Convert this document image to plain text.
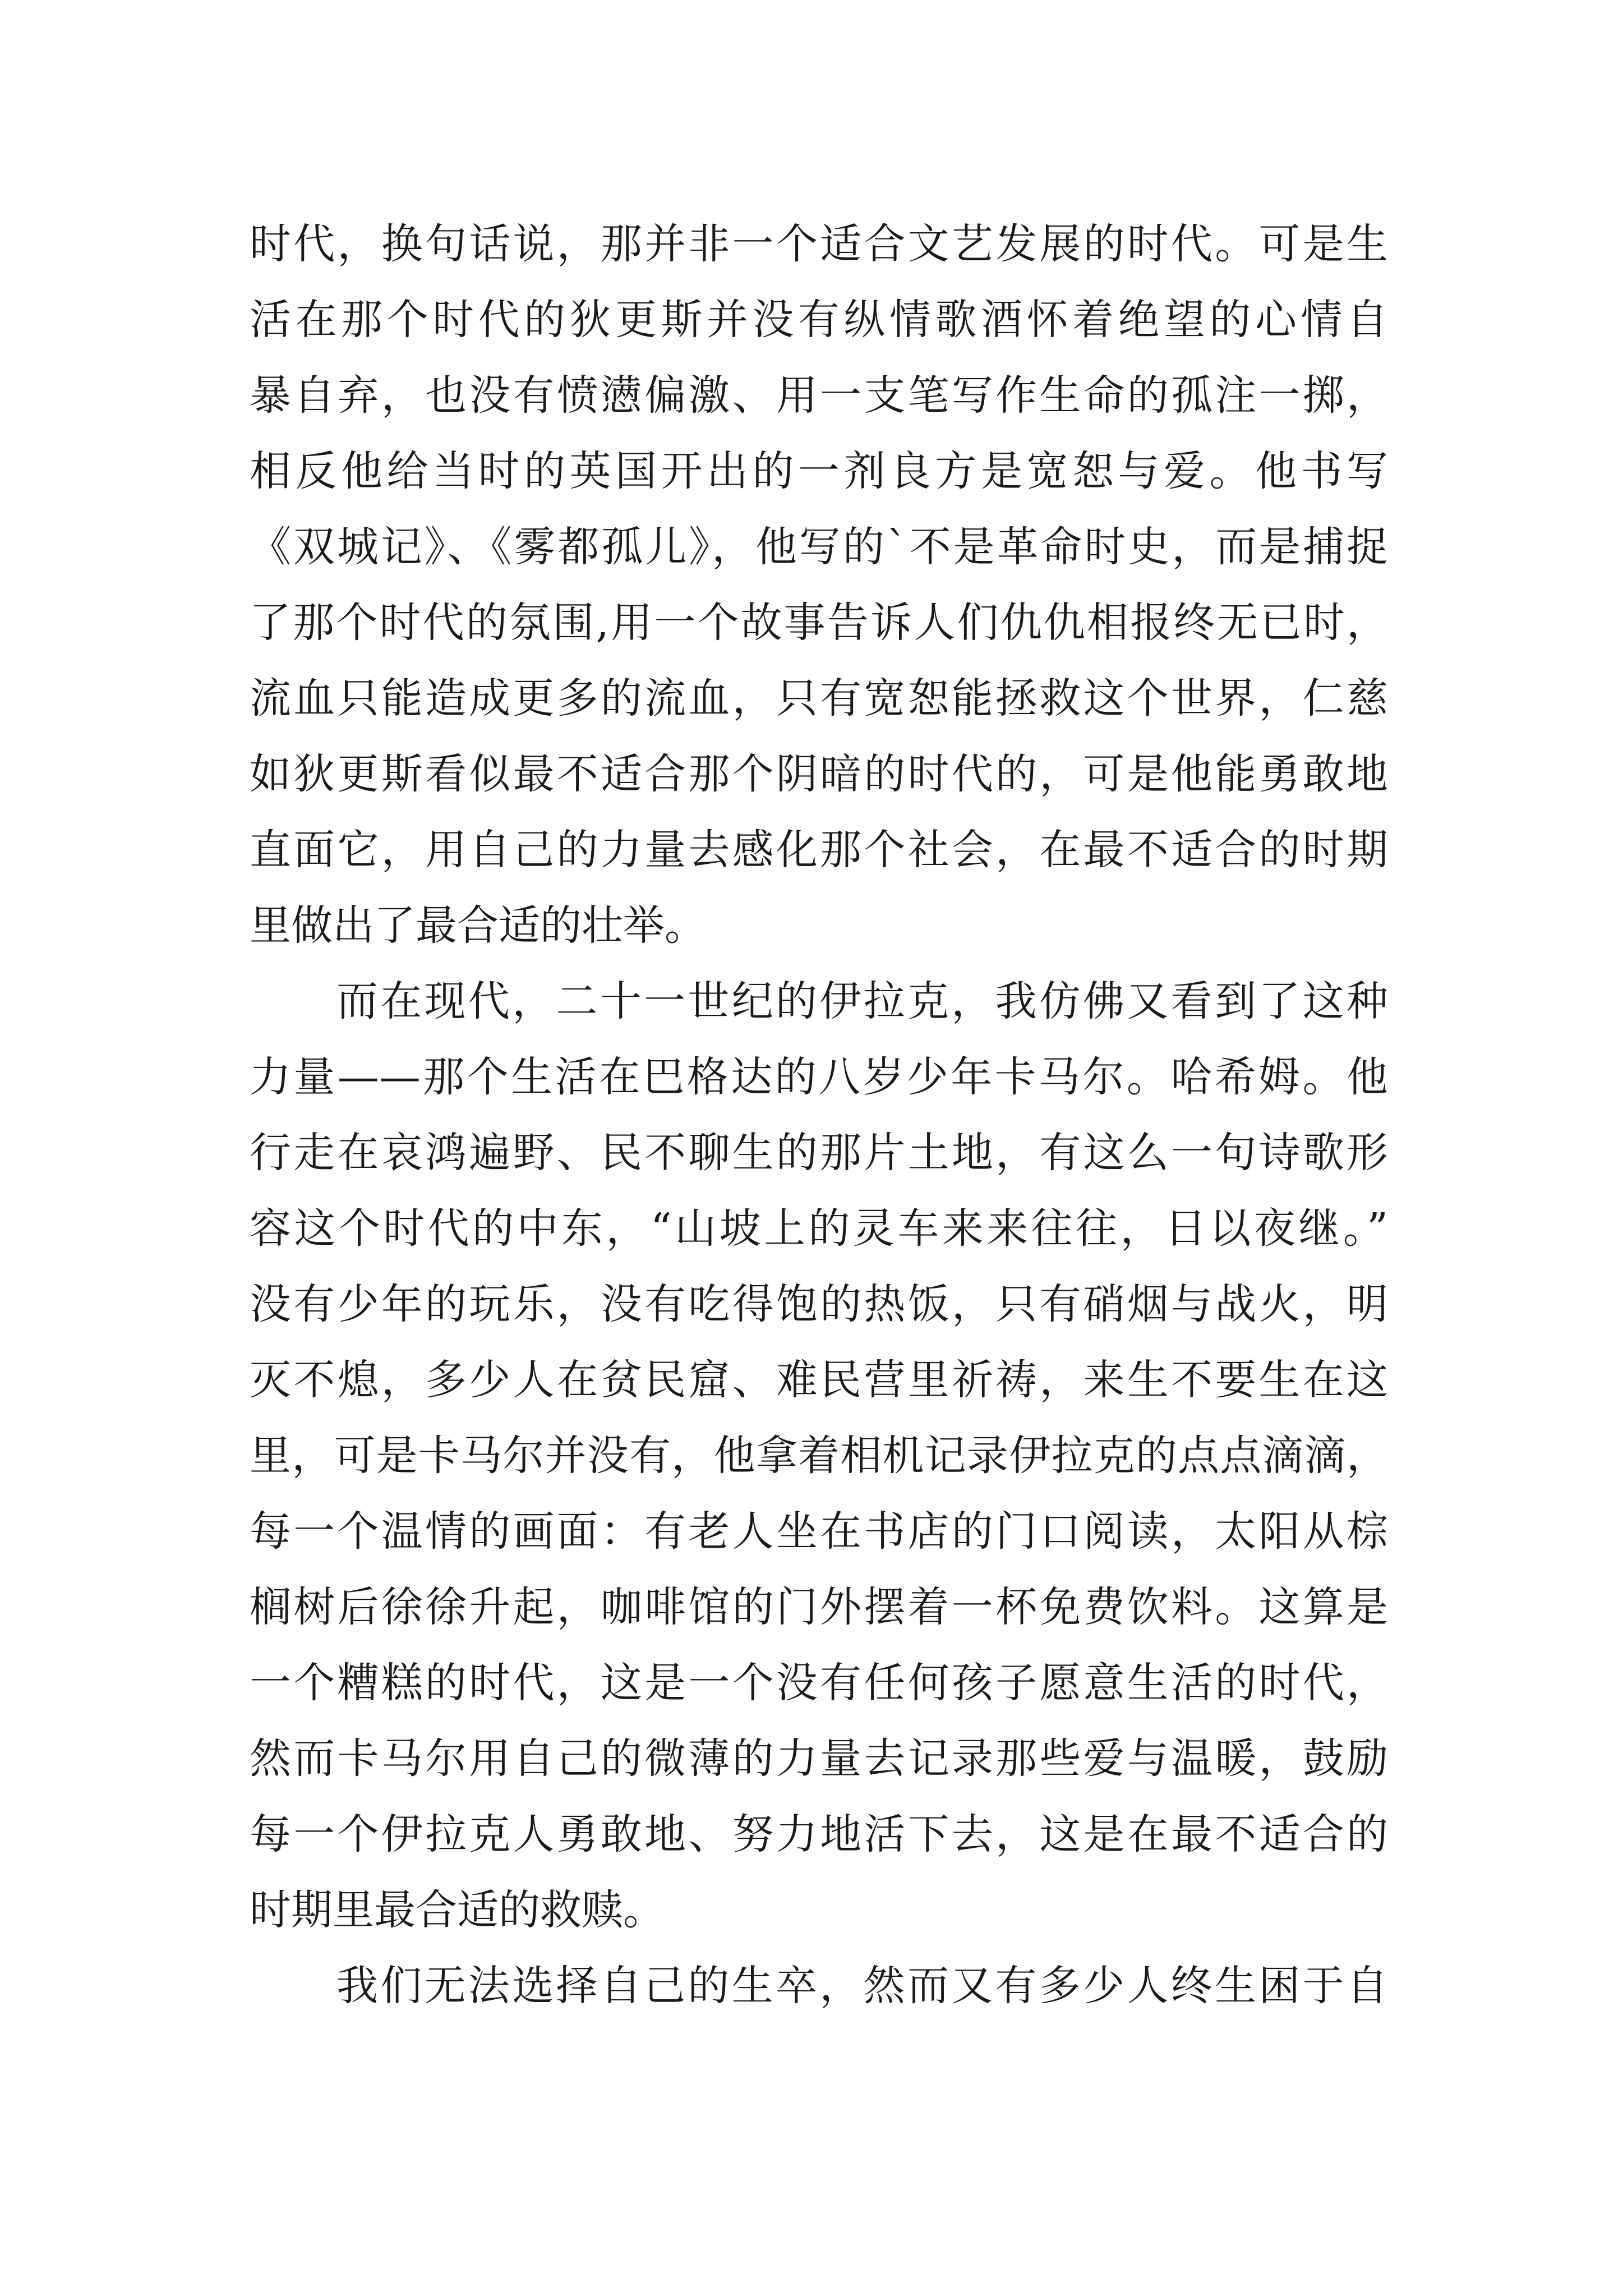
时代，换句话说，那并非一个适合文艺发展的时代。可是生
活在那个时代的狄更斯并没有纵情歌酒怀着绝望的心情自
暴自弃，也没有愤懑偏激、用一支笔写作生命的孤注一掷，
相反他给当时的英国开出的一剂良方是宽恕与爱。他书写
《双城记》、《雾都孤儿》，他写的`不是革命时史，而是捕捉
了那个时代的氛围,用一个故事告诉人们仇仇相报终无已时，
流血只能造成更多的流血，只有宽恕能拯救这个世界，仁慈
如狄更斯看似最不适合那个阴暗的时代的，可是他能勇敢地
直面它，用自己的力量去感化那个社会，在最不适合的时期
里做出了最合适的壮举。
而在现代，二十一世纪的伊拉克，我仿佛又看到了这种
力量——那个生活在巴格达的八岁少年卡马尔。哈希姆。他
行走在哀鸿遍野、民不聊生的那片土地，有这么一句诗歌形
容这个时代的中东，“山坡上的灵车来来往往，日以夜继。”
没有少年的玩乐，没有吃得饱的热饭，只有硝烟与战火，明
灭不熄，多少人在贫民窟、难民营里祈祷，来生不要生在这
里，可是卡马尔并没有，他拿着相机记录伊拉克的点点滴滴，
每一个温情的画面：有老人坐在书店的门口阅读，太阳从棕
榈树后徐徐升起，咖啡馆的门外摆着一杯免费饮料。这算是
一个糟糕的时代，这是一个没有任何孩子愿意生活的时代，
然而卡马尔用自己的微薄的力量去记录那些爱与温暖，鼓励
每一个伊拉克人勇敢地、努力地活下去，这是在最不适合的
时期里最合适的救赎。
我们无法选择自己的生卒，然而又有多少人终生困于自
